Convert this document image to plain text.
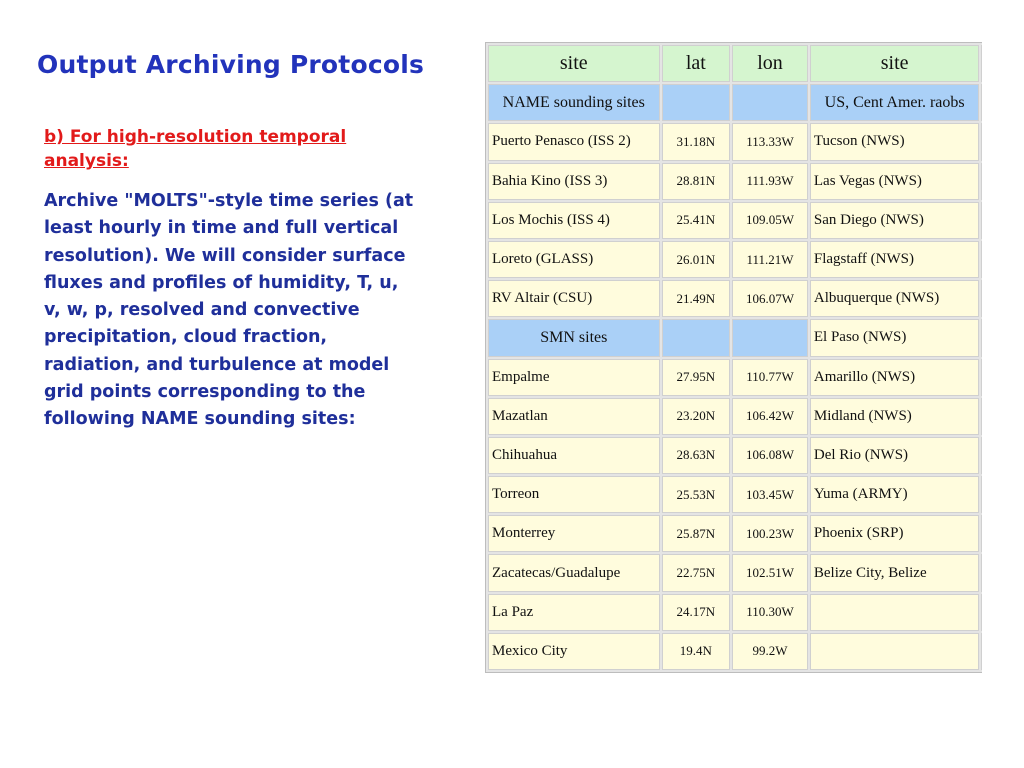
Output Archiving Protocols

b) For high-resolution temporal analysis:

Archive "MOLTS"-style time series (at least hourly in time and full vertical resolution). We will consider surface fluxes and profiles of humidity, T, u, v, w, p, resolved and convective precipitation, cloud fraction, radiation, and turbulence at model grid points corresponding to the following NAME sounding sites:

site	lat	lon	site	
NAME sounding sites			US, Cent Amer. raobs	
Puerto Penasco (ISS 2)	31.18N	113.33W	Tucson (NWS)	
Bahia Kino (ISS 3)	28.81N	111.93W	Las Vegas (NWS)	
Los Mochis (ISS 4)	25.41N	109.05W	San Diego (NWS)	
Loreto (GLASS)	26.01N	111.21W	Flagstaff (NWS)	
RV Altair (CSU)	21.49N	106.07W	Albuquerque (NWS)	
SMN sites			El Paso (NWS)	
Empalme	27.95N	110.77W	Amarillo (NWS)	
Mazatlan	23.20N	106.42W	Midland (NWS)	
Chihuahua	28.63N	106.08W	Del Rio (NWS)	
Torreon	25.53N	103.45W	Yuma (ARMY)	
Monterrey	25.87N	100.23W	Phoenix (SRP)	
Zacatecas/Guadalupe	22.75N	102.51W	Belize City, Belize	
La Paz	24.17N	110.30W		
Mexico City	19.4N	99.2W		
